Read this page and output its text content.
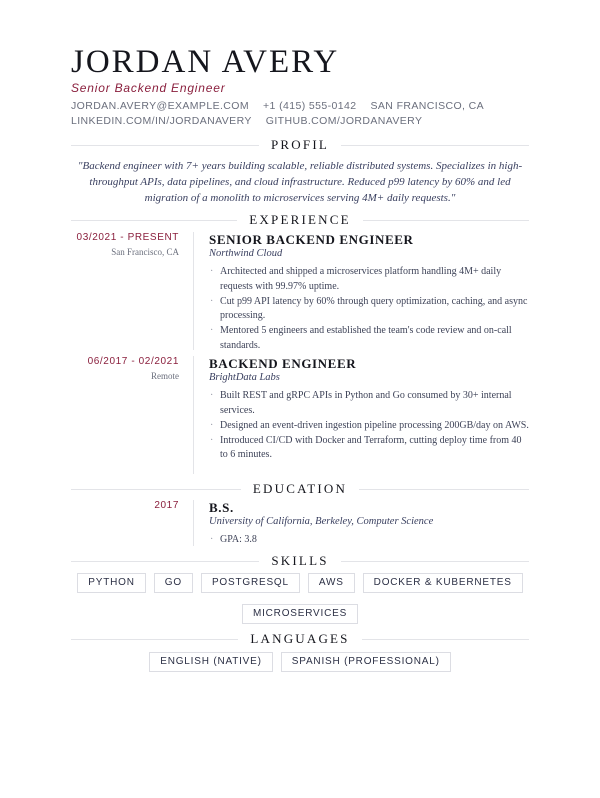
JORDAN AVERY
Senior Backend Engineer
JORDAN.AVERY@EXAMPLE.COM +1 (415) 555-0142 SAN FRANCISCO, CA
LINKEDIN.COM/IN/JORDANAVERY GITHUB.COM/JORDANAVERY
PROFIL

"Backend engineer with 7+ years building scalable, reliable distributed systems. Specializes in high-throughput APIs, data pipelines, and cloud infrastructure. Reduced p99 latency by 60% and led migration of a monolith to microservices serving 4M+ daily requests."

EXPERIENCE
03/2021 - PRESENT
San Francisco, CA
SENIOR BACKEND ENGINEER
Northwind Cloud
· Architected and shipped a microservices platform handling 4M+ daily requests with 99.97% uptime.
· Cut p99 API latency by 60% through query optimization, caching, and async processing.
· Mentored 5 engineers and established the team's code review and on-call standards.
06/2017 - 02/2021
Remote
BACKEND ENGINEER
BrightData Labs
· Built REST and gRPC APIs in Python and Go consumed by 30+ internal services.
· Designed an event-driven ingestion pipeline processing 200GB/day on AWS.
· Introduced CI/CD with Docker and Terraform, cutting deploy time from 40 to 6 minutes.
EDUCATION
2017 B.S.
University of California, Berkeley, Computer Science
· GPA: 3.8
SKILLS
PYTHON	GO	POSTGRESQL	AWS	DOCKER & KUBERNETES
MICROSERVICES
LANGUAGES
ENGLISH (NATIVE)	SPANISH (PROFESSIONAL)
